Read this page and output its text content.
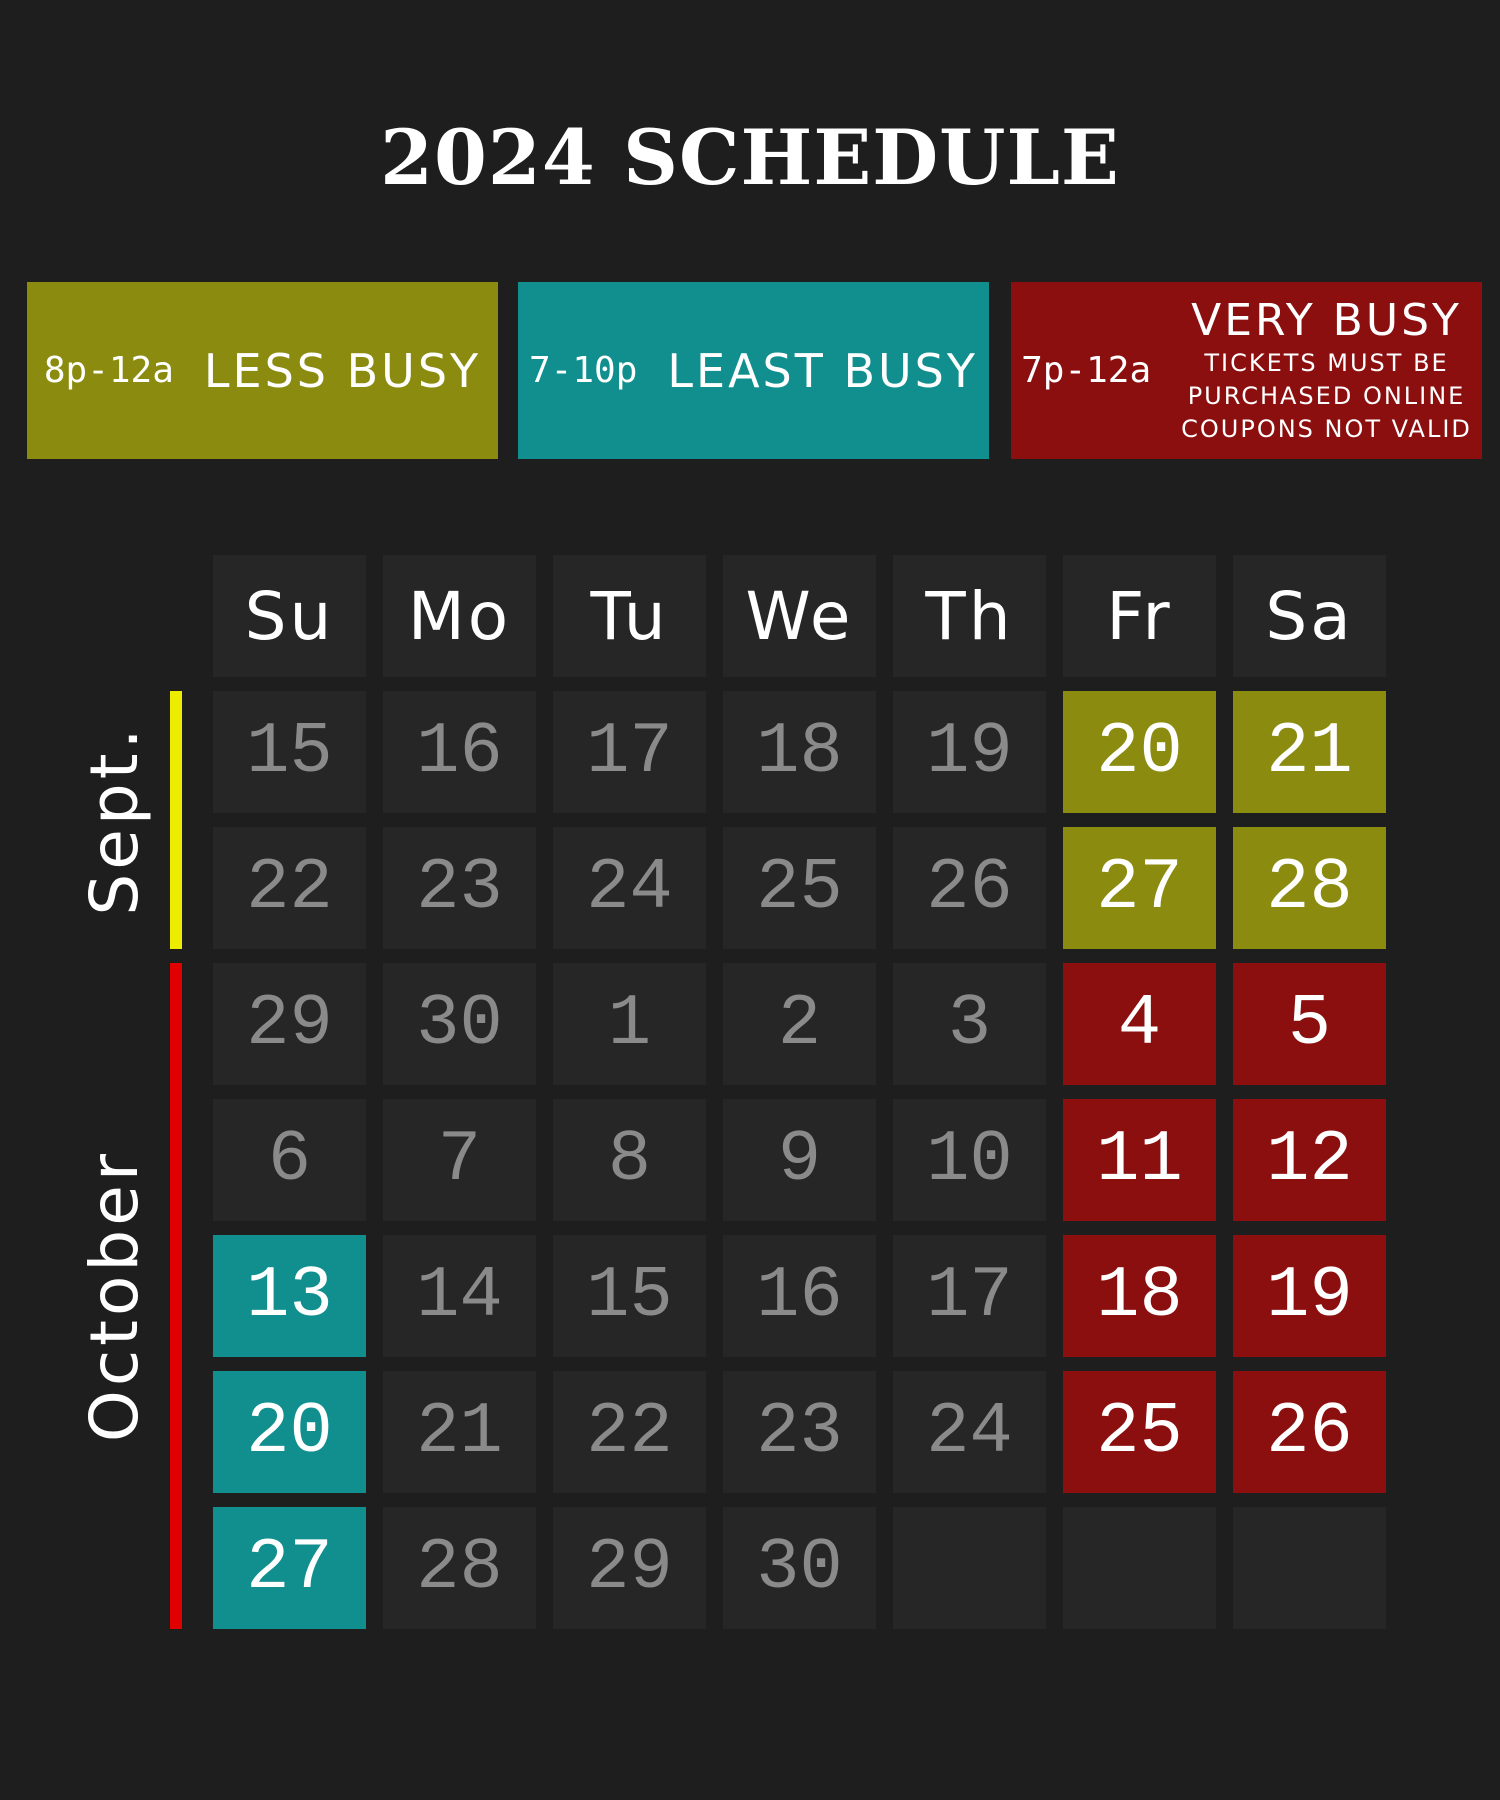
2024 SCHEDULE
8p-12a LESS BUSY 7-10p LEAST BUSY 7p-12a
VERY BUSY
TICKETS MUST BE
PURCHASED ONLINE
COUPONS NOT VALID
Su	Mo	Tu	We	Th	Fr	Sa
15	16	17	18	19	20	21
22	23	24	25	26	27	28
29	30	1	2	3	4	5
6	7	8	9	10	11	12
13	14	15	16	17	18	19
20	21	22	23	24	25	26
27	28	29	30
Sept.
October
